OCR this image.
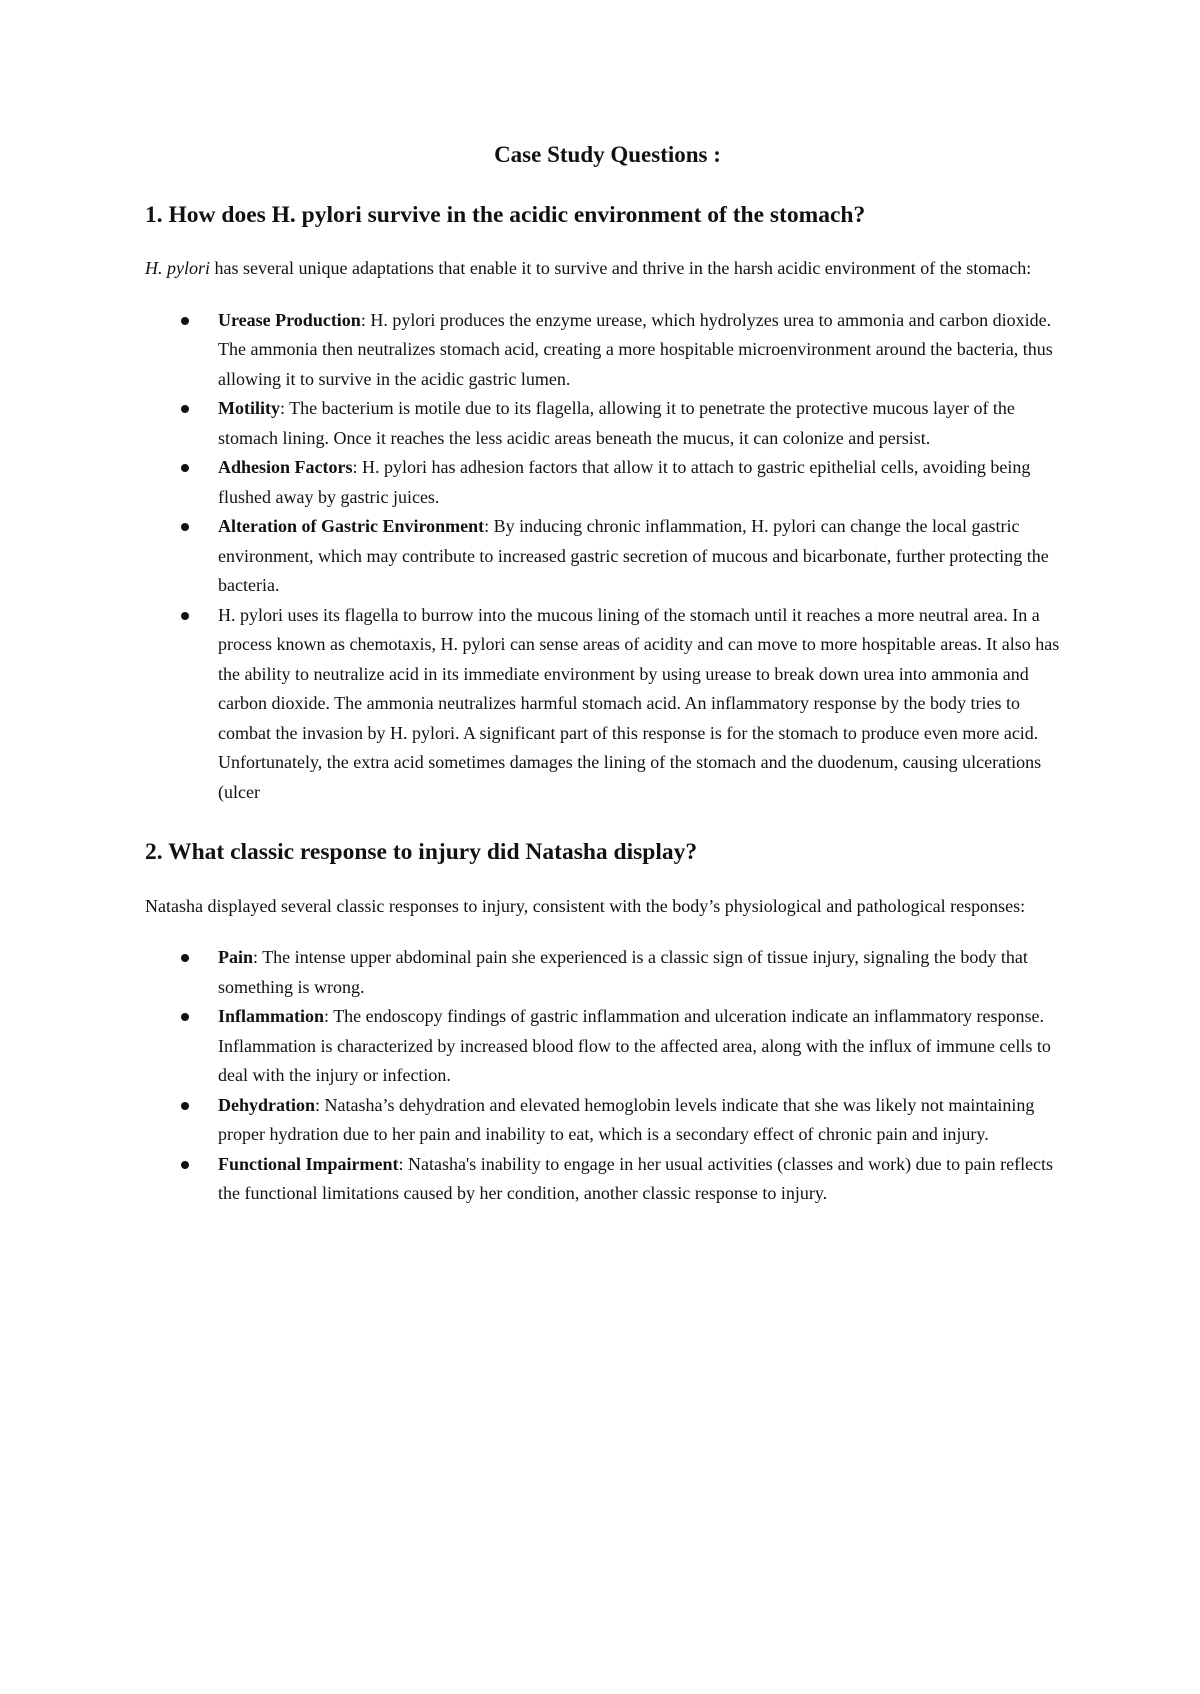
Case Study Questions :
1. How does H. pylori survive in the acidic environment of the stomach?

H. pylori has several unique adaptations that enable it to survive and thrive in the harsh acidic environment of the stomach:

Urease Production: H. pylori produces the enzyme urease, which hydrolyzes urea to ammonia and carbon dioxide. The ammonia then neutralizes stomach acid, creating a more hospitable microenvironment around the bacteria, thus allowing it to survive in the acidic gastric lumen.
Motility: The bacterium is motile due to its flagella, allowing it to penetrate the protective mucous layer of the stomach lining. Once it reaches the less acidic areas beneath the mucus, it can colonize and persist.
Adhesion Factors: H. pylori has adhesion factors that allow it to attach to gastric epithelial cells, avoiding being flushed away by gastric juices.
Alteration of Gastric Environment: By inducing chronic inflammation, H. pylori can change the local gastric environment, which may contribute to increased gastric secretion of mucous and bicarbonate, further protecting the bacteria.
H. pylori uses its flagella to burrow into the mucous lining of the stomach until it reaches a more neutral area. In a process known as chemotaxis, H. pylori can sense areas of acidity and can move to more hospitable areas. It also has the ability to neutralize acid in its immediate environment by using urease to break down urea into ammonia and carbon dioxide. The ammonia neutralizes harmful stomach acid. An inflammatory response by the body tries to combat the invasion by H. pylori. A significant part of this response is for the stomach to produce even more acid. Unfortunately, the extra acid sometimes damages the lining of the stomach and the duodenum, causing ulcerations (ulcer
2. What classic response to injury did Natasha display?

Natasha displayed several classic responses to injury, consistent with the body’s physiological and pathological responses:

Pain: The intense upper abdominal pain she experienced is a classic sign of tissue injury, signaling the body that something is wrong.
Inflammation: The endoscopy findings of gastric inflammation and ulceration indicate an inflammatory response. Inflammation is characterized by increased blood flow to the affected area, along with the influx of immune cells to deal with the injury or infection.
Dehydration: Natasha’s dehydration and elevated hemoglobin levels indicate that she was likely not maintaining proper hydration due to her pain and inability to eat, which is a secondary effect of chronic pain and injury.
Functional Impairment: Natasha's inability to engage in her usual activities (classes and work) due to pain reflects the functional limitations caused by her condition, another classic response to injury.
